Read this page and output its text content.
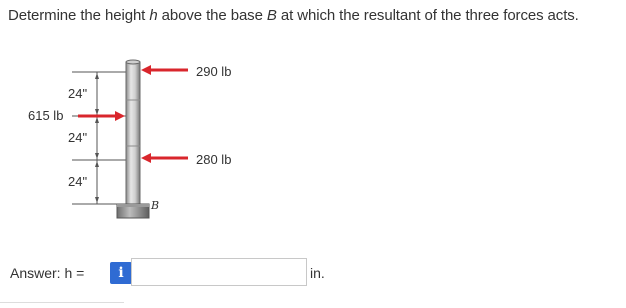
Determine the height h above the base B at which the resultant of the three forces acts.
290 lb
615 lb
280 lb
24"
24"
24"
B
Answer: h =	i	in.
